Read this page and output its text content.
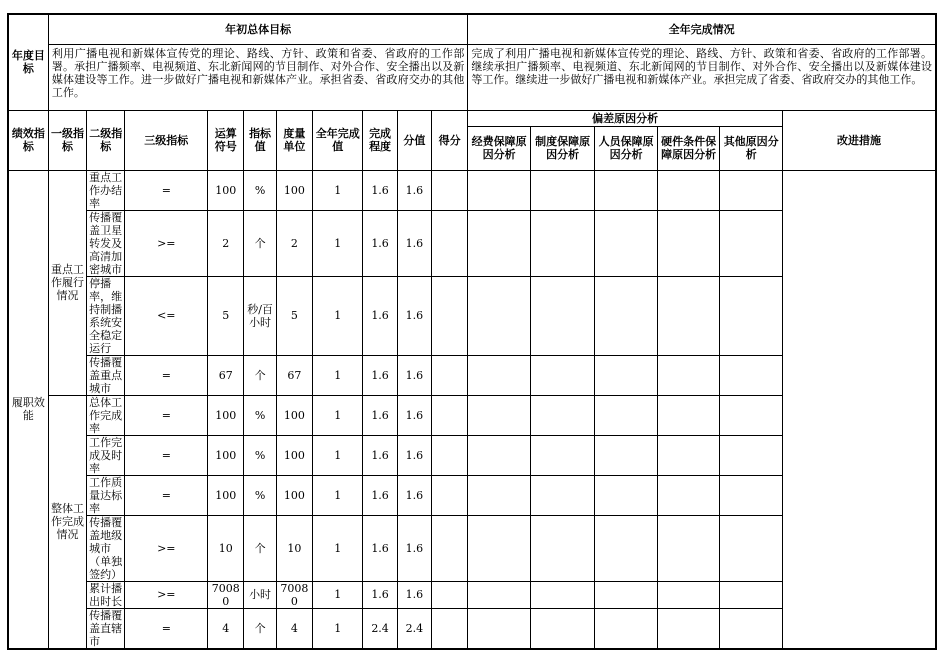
年度目标	年初总体目标										全年完成情况					
	利用广播电视和新媒体宣传党的理论、路线、方针、政策和省委、省政府的工作部署。承担广播频率、电视频道、东北新闻网的节目制作、对外合作、安全播出以及新媒体建设等工作。进一步做好广播电视和新媒体产业。承担省委、省政府交办的其他工作。										完成了利用广播电视和新媒体宣传党的理论、路线、方针、政策和省委、省政府的工作部署。继续承担广播频率、电视频道、东北新闻网的节目制作、对外合作、安全播出以及新媒体建设等工作。继续进一步做好广播电视和新媒体产业。承担完成了省委、省政府交办的其他工作。					
绩效指标	一级指标	二级指标	三级指标	运算符号	指标值	度量单位	全年完成值	完成程度	分值	得分	偏差原因分析					改进措施
											经费保障原因分析	制度保障原因分析	人员保障原因分析	硬件条件保障原因分析	其他原因分析	
履职效能	重点工作履行情况	重点工作办结率	=	100	%	100	1	1.6	1.6							
		传播覆盖卫星转发及高清加密城市	>=	2	个	2	1	1.6	1.6							
		停播率，维持制播系统安全稳定运行	<=	5	秒/百小时	5	1	1.6	1.6							
		传播覆盖重点城市	=	67	个	67	1	1.6	1.6							
	整体工作完成情况	总体工作完成率	=	100	%	100	1	1.6	1.6							
		工作完成及时率	=	100	%	100	1	1.6	1.6							
		工作质量达标率	=	100	%	100	1	1.6	1.6							
		传播覆盖地级城市（单独签约）	>=	10	个	10	1	1.6	1.6							
		累计播出时长	>=	70080	小时	70080	1	1.6	1.6							
		传播覆盖直辖市	=	4	个	4	1	2.4	2.4							
